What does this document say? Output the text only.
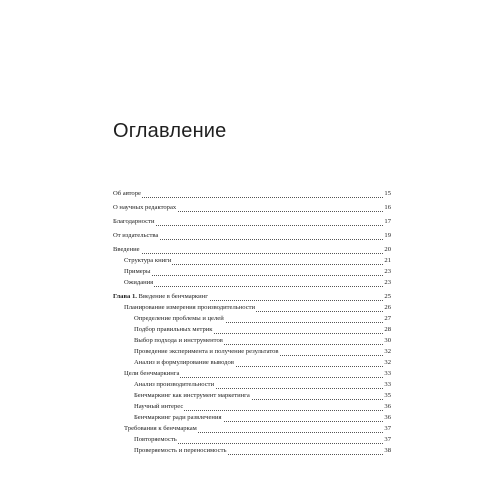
Оглавление
Об авторе	15
О научных редакторах	16
Благодарности	17
От издательства	19
Введение	20
Структура книги	21
Примеры	23
Ожидания	23
Глава 1. Введение в бенчмаркинг	25
Планирование измерения производительности	26
Определение проблемы и целей	27
Подбор правильных метрик	28
Выбор подхода и инструментов	30
Проведение эксперимента и получение результатов	32
Анализ и формулирование выводов	32
Цели бенчмаркинга	33
Анализ производительности	33
Бенчмаркинг как инструмент маркетинга	35
Научный интерес	36
Бенчмаркинг ради развлечения	36
Требования к бенчмаркам	37
Повторяемость	37
Проверяемость и переносимость	38
